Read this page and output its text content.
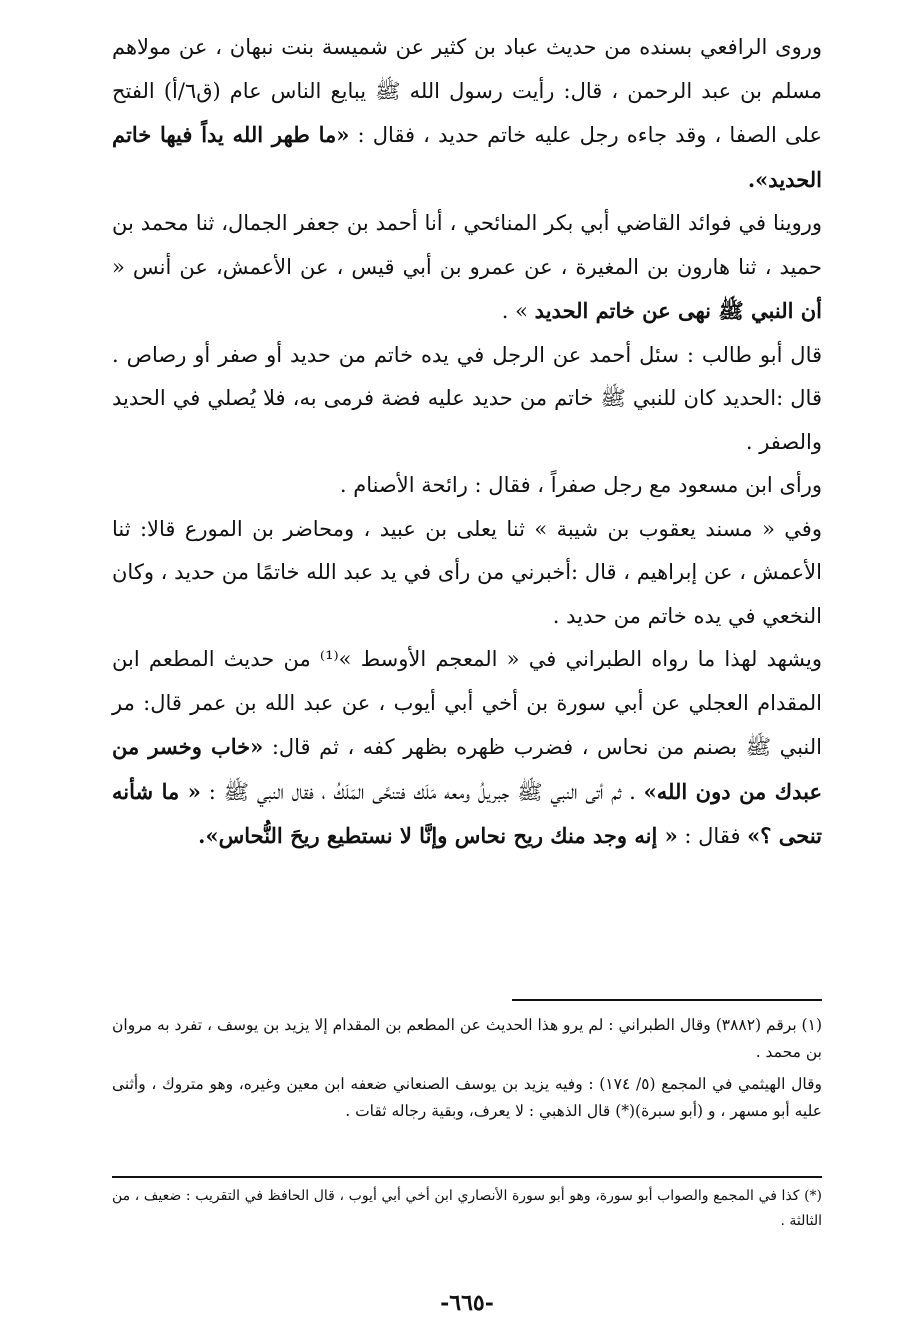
وروى الرافعي بسنده من حديث عباد بن كثير عن شميسة بنت نبهان ، عن مولاهم مسلم بن عبد الرحمن ، قال: رأيت رسول الله ﷺ يبايع الناس عام (ق٦/أ) الفتح على الصفا ، وقد جاءه رجل عليه خاتم حديد ، فقال : «ما طهر الله يداً فيها خاتم الحديد».

وروينا في فوائد القاضي أبي بكر المنائحي ، أنا أحمد بن جعفر الجمال، ثنا محمد بن حميد ، ثنا هارون بن المغيرة ، عن عمرو بن أبي قيس ، عن الأعمش، عن أنس « أن النبي ﷺ نهى عن خاتم الحديد » .

قال أبو طالب : سئل أحمد عن الرجل في يده خاتم من حديد أو صفر أو رصاص . قال :الحديد كان للنبي ﷺ خاتم من حديد عليه فضة فرمى به، فلا يُصلي في الحديد والصفر .

ورأى ابن مسعود مع رجل صفراً ، فقال : رائحة الأصنام .

وفي « مسند يعقوب بن شيبة » ثنا يعلى بن عبيد ، ومحاضر بن المورع قالا: ثنا الأعمش ، عن إبراهيم ، قال :أخبرني من رأى في يد عبد الله خاتمًا من حديد ، وكان النخعي في يده خاتم من حديد .

ويشهد لهذا ما رواه الطبراني في « المعجم الأوسط »⁽¹⁾ من حديث المطعم ابن المقدام العجلي عن أبي سورة بن أخي أبي أيوب ، عن عبد الله بن عمر قال: مر النبي ﷺ بصنم من نحاس ، فضرب ظهره بظهر كفه ، ثم قال: «خاب وخسر من عبدك من دون الله» . ثم أتى النبي ﷺ جبريلُ ومعه مَلَك فتنحَّى المَلَكُ ، فقال النبي ﷺ : « ما شأنه تنحى ؟» فقال : « إنه وجد منك ريح نحاس وإنَّا لا نستطيع ريحَ النُّحاس».

(١) برقم (٣٨٨٢) وقال الطبراني : لم يرو هذا الحديث عن المطعم بن المقدام إلا يزيد بن يوسف ، تفرد به مروان بن محمد .

وقال الهيثمي في المجمع (٥/ ١٧٤) : وفيه يزيد بن يوسف الصنعاني ضعفه ابن معين وغيره، وهو متروك ، وأثنى عليه أبو مسهر ، و (أبو سبرة)(*) قال الذهبي : لا يعرف، وبقية رجاله ثقات .

(*) كذا في المجمع والصواب أبو سورة، وهو أبو سورة الأنصاري ابن أخي أبي أيوب ، قال الحافظ في التقريب : ضعيف ، من الثالثة .

-٦٦٥-
